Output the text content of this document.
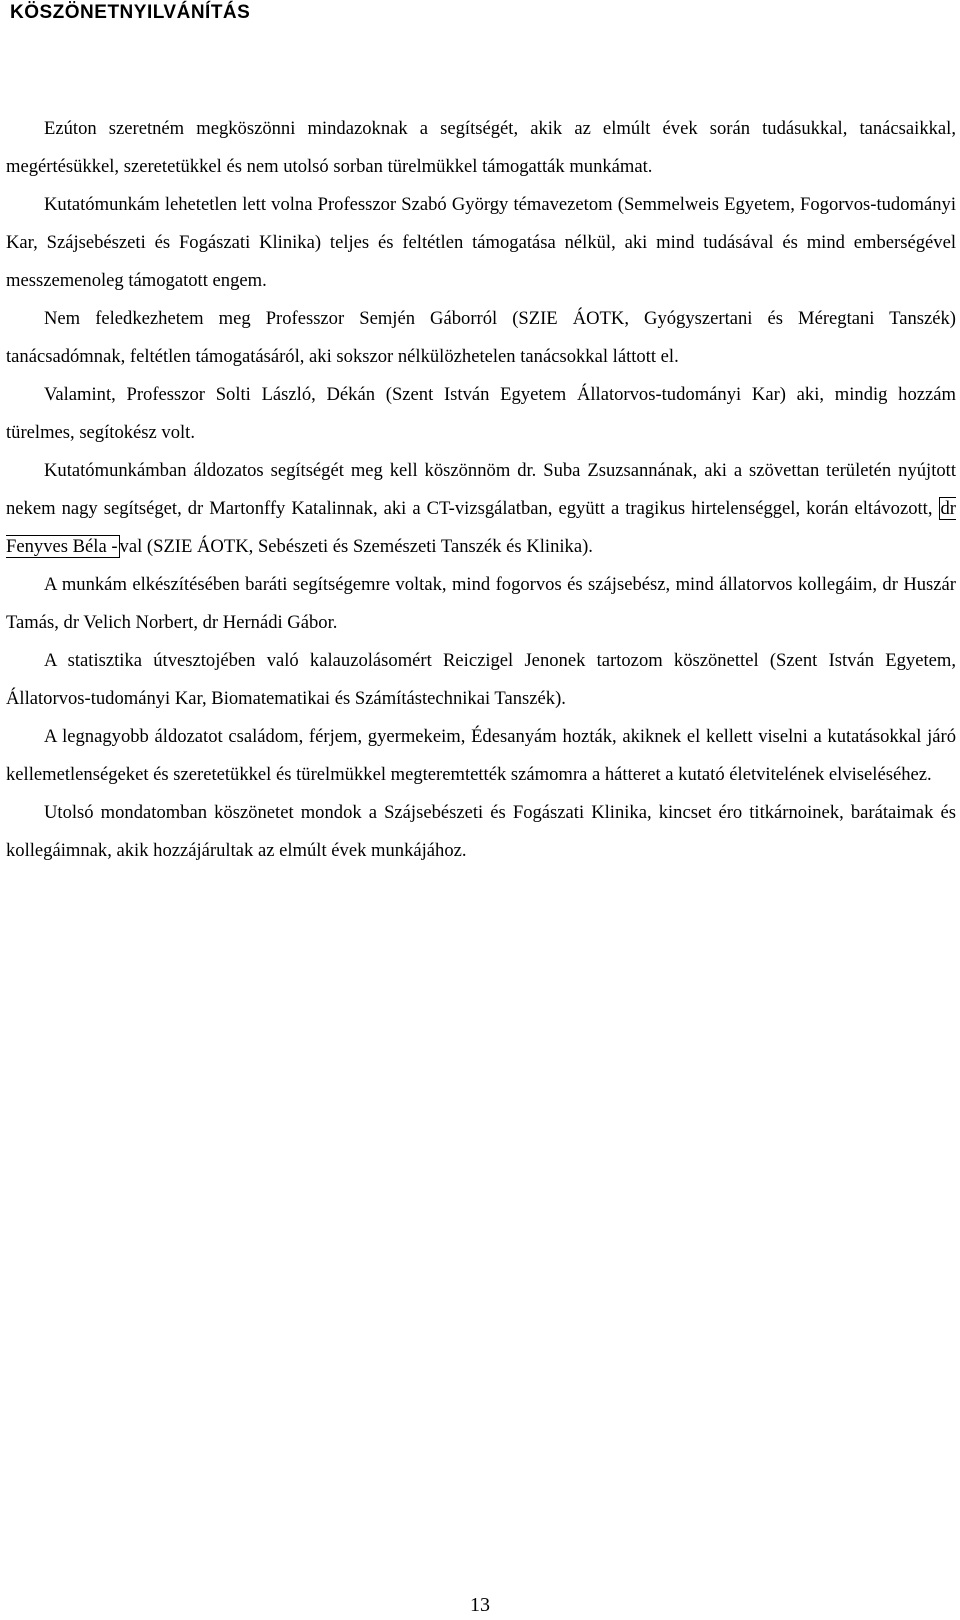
KÖSZÖNETNYILVÁNÍTÁS

Ezúton szeretném megköszönni mindazoknak a segítségét, akik az elmúlt évek során tudásukkal, tanácsaikkal, megértésükkel, szeretetükkel és nem utolsó sorban türelmükkel támogatták munkámat.

Kutatómunkám lehetetlen lett volna Professzor Szabó György témavezetom (Semmelweis Egyetem, Fogorvos-tudományi Kar, Szájsebészeti és Fogászati Klinika) teljes és feltétlen támogatása nélkül, aki mind tudásával és mind emberségével messzemenoleg támogatott engem.

Nem feledkezhetem meg Professzor Semjén Gáborról (SZIE ÁOTK, Gyógyszertani és Méregtani Tanszék) tanácsadómnak, feltétlen támogatásáról, aki sokszor nélkülözhetelen tanácsokkal láttott el.

Valamint, Professzor Solti László, Dékán (Szent István Egyetem Állatorvos-tudományi Kar) aki, mindig hozzám türelmes, segítokész volt.

Kutatómunkámban áldozatos segítségét meg kell köszönnöm dr. Suba Zsuzsannának, aki a szövettan területén nyújtott nekem nagy segítséget, dr Martonffy Katalinnak, aki a CT-vizsgálatban, együtt a tragikus hirtelenséggel, korán eltávozott, dr Fenyves Béla - val (SZIE ÁOTK, Sebészeti és Szemészeti Tanszék és Klinika).

A munkám elkészítésében baráti segítségemre voltak, mind fogorvos és szájsebész, mind állatorvos kollegáim, dr Huszár Tamás, dr Velich Norbert, dr Hernádi Gábor.

A statisztika útvesztojében való kalauzolásomért Reiczigel Jenonek tartozom köszönettel (Szent István Egyetem, Állatorvos-tudományi Kar, Biomatematikai és Számítástechnikai Tanszék).

A legnagyobb áldozatot családom, férjem, gyermekeim, Édesanyám hozták, akiknek el kellett viselni a kutatásokkal járó kellemetlenségeket és szeretetükkel és türelmükkel megteremtették számomra a hátteret a kutató életvitelének elviseléséhez.

Utolsó mondatomban köszönetet mondok a Szájsebészeti és Fogászati Klinika, kincset éro titkárnoinek, barátaimak és kollegáimnak, akik hozzájárultak az elmúlt évek munkájához.

13
